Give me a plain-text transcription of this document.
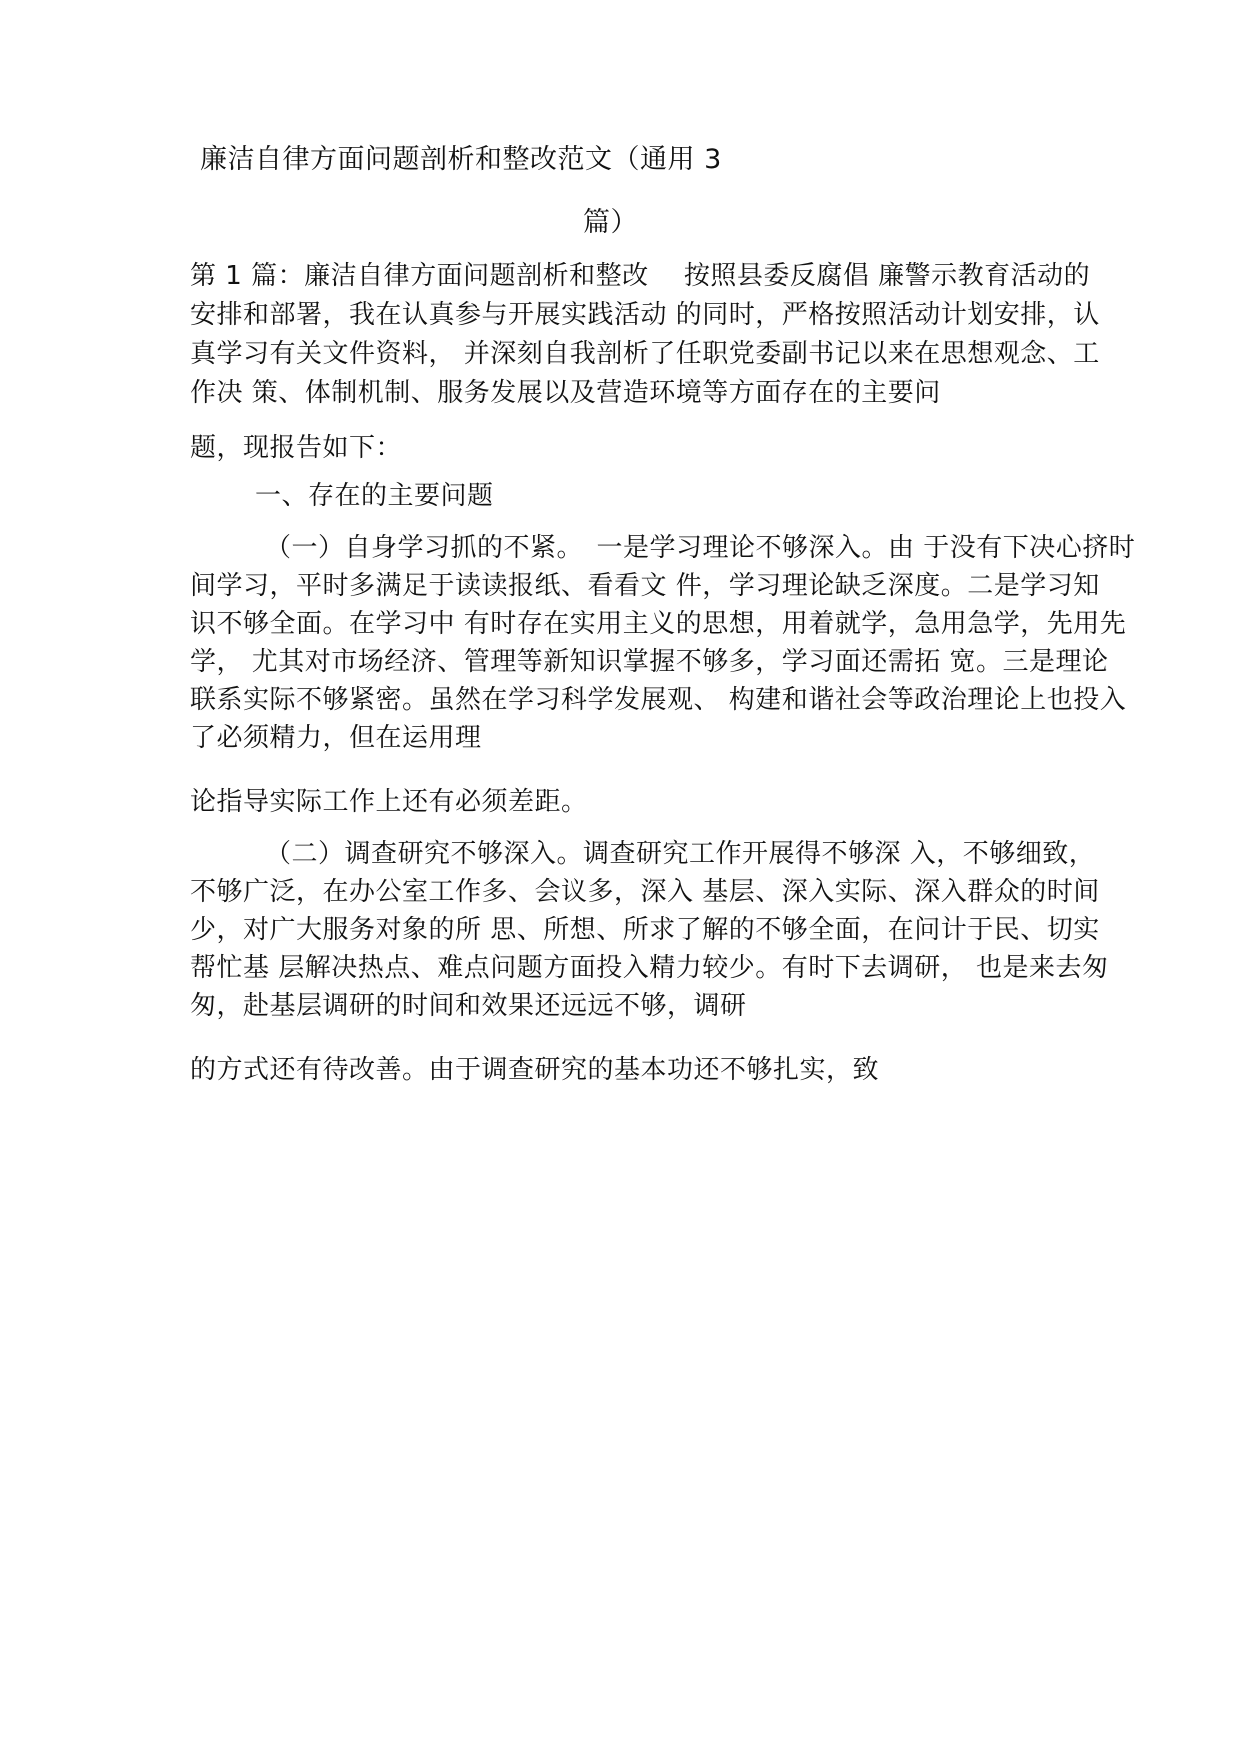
廉洁自律方面问题剖析和整改范文（通用 3
篇）
第 1 篇：廉洁自律方面问题剖析和整改　 按照县委反腐倡 廉警示教育活动的
安排和部署，我在认真参与开展实践活动 的同时，严格按照活动计划安排，认
真学习有关文件资料， 并深刻自我剖析了任职党委副书记以来在思想观念、工
作决 策、体制机制、服务发展以及营造环境等方面存在的主要问
题，现报告如下：
一、存在的主要问题
（一）自身学习抓的不紧。　一是学习理论不够深入。由 于没有下决心挤时
间学习，平时多满足于读读报纸、看看文 件，学习理论缺乏深度。二是学习知
识不够全面。在学习中 有时存在实用主义的思想，用着就学，急用急学，先用先
学， 尤其对市场经济、管理等新知识掌握不够多，学习面还需拓 宽。三是理论
联系实际不够紧密。虽然在学习科学发展观、 构建和谐社会等政治理论上也投入
了必须精力，但在运用理
论指导实际工作上还有必须差距。
（二）调查研究不够深入。调查研究工作开展得不够深 入，不够细致，
不够广泛，在办公室工作多、会议多，深入 基层、深入实际、深入群众的时间
少，对广大服务对象的所 思、所想、所求了解的不够全面，在问计于民、切实
帮忙基 层解决热点、难点问题方面投入精力较少。有时下去调研， 也是来去匆
匆，赴基层调研的时间和效果还远远不够，调研
的方式还有待改善。由于调查研究的基本功还不够扎实，致
